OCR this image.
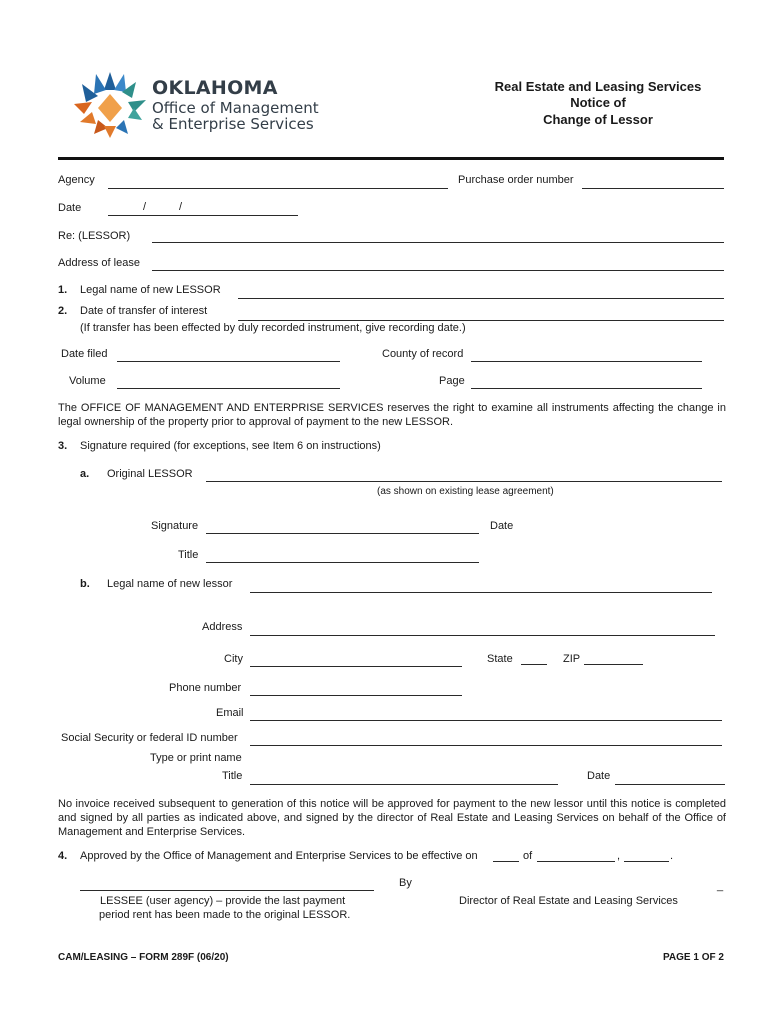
OKLAHOMA
Office of Management
& Enterprise Services
Real Estate and Leasing Services
Notice of
Change of Lessor
Agency	Purchase order number
Date	/	/
Re: (LESSOR)
Address of lease
1. Legal name of new LESSOR
2. Date of transfer of interest
(If transfer has been effected by duly recorded instrument, give recording date.)
Date filed	County of record
Volume	Page
The OFFICE OF MANAGEMENT AND ENTERPRISE SERVICES reserves the right to examine all instruments affecting the change in legal ownership of the property prior to approval of payment to the new LESSOR.
3. Signature required (for exceptions, see Item 6 on instructions)
a. Original LESSOR
(as shown on existing lease agreement)
Signature	Date
Title
b. Legal name of new lessor
Address
City	State	ZIP
Phone number
Email
Social Security or federal ID number
Type or print name
Title	Date
No invoice received subsequent to generation of this notice will be approved for payment to the new lessor until this notice is completed and signed by all parties as indicated above, and signed by the director of Real Estate and Leasing Services on behalf of the Office of Management and Enterprise Services.
4. Approved by the Office of Management and Enterprise Services to be effective on	of	,	.
By	_
LESSEE (user agency) – provide the last payment
period rent has been made to the original LESSOR.
Director of Real Estate and Leasing Services
CAM/LEASING – FORM 289F (06/20)	PAGE 1 OF 2
